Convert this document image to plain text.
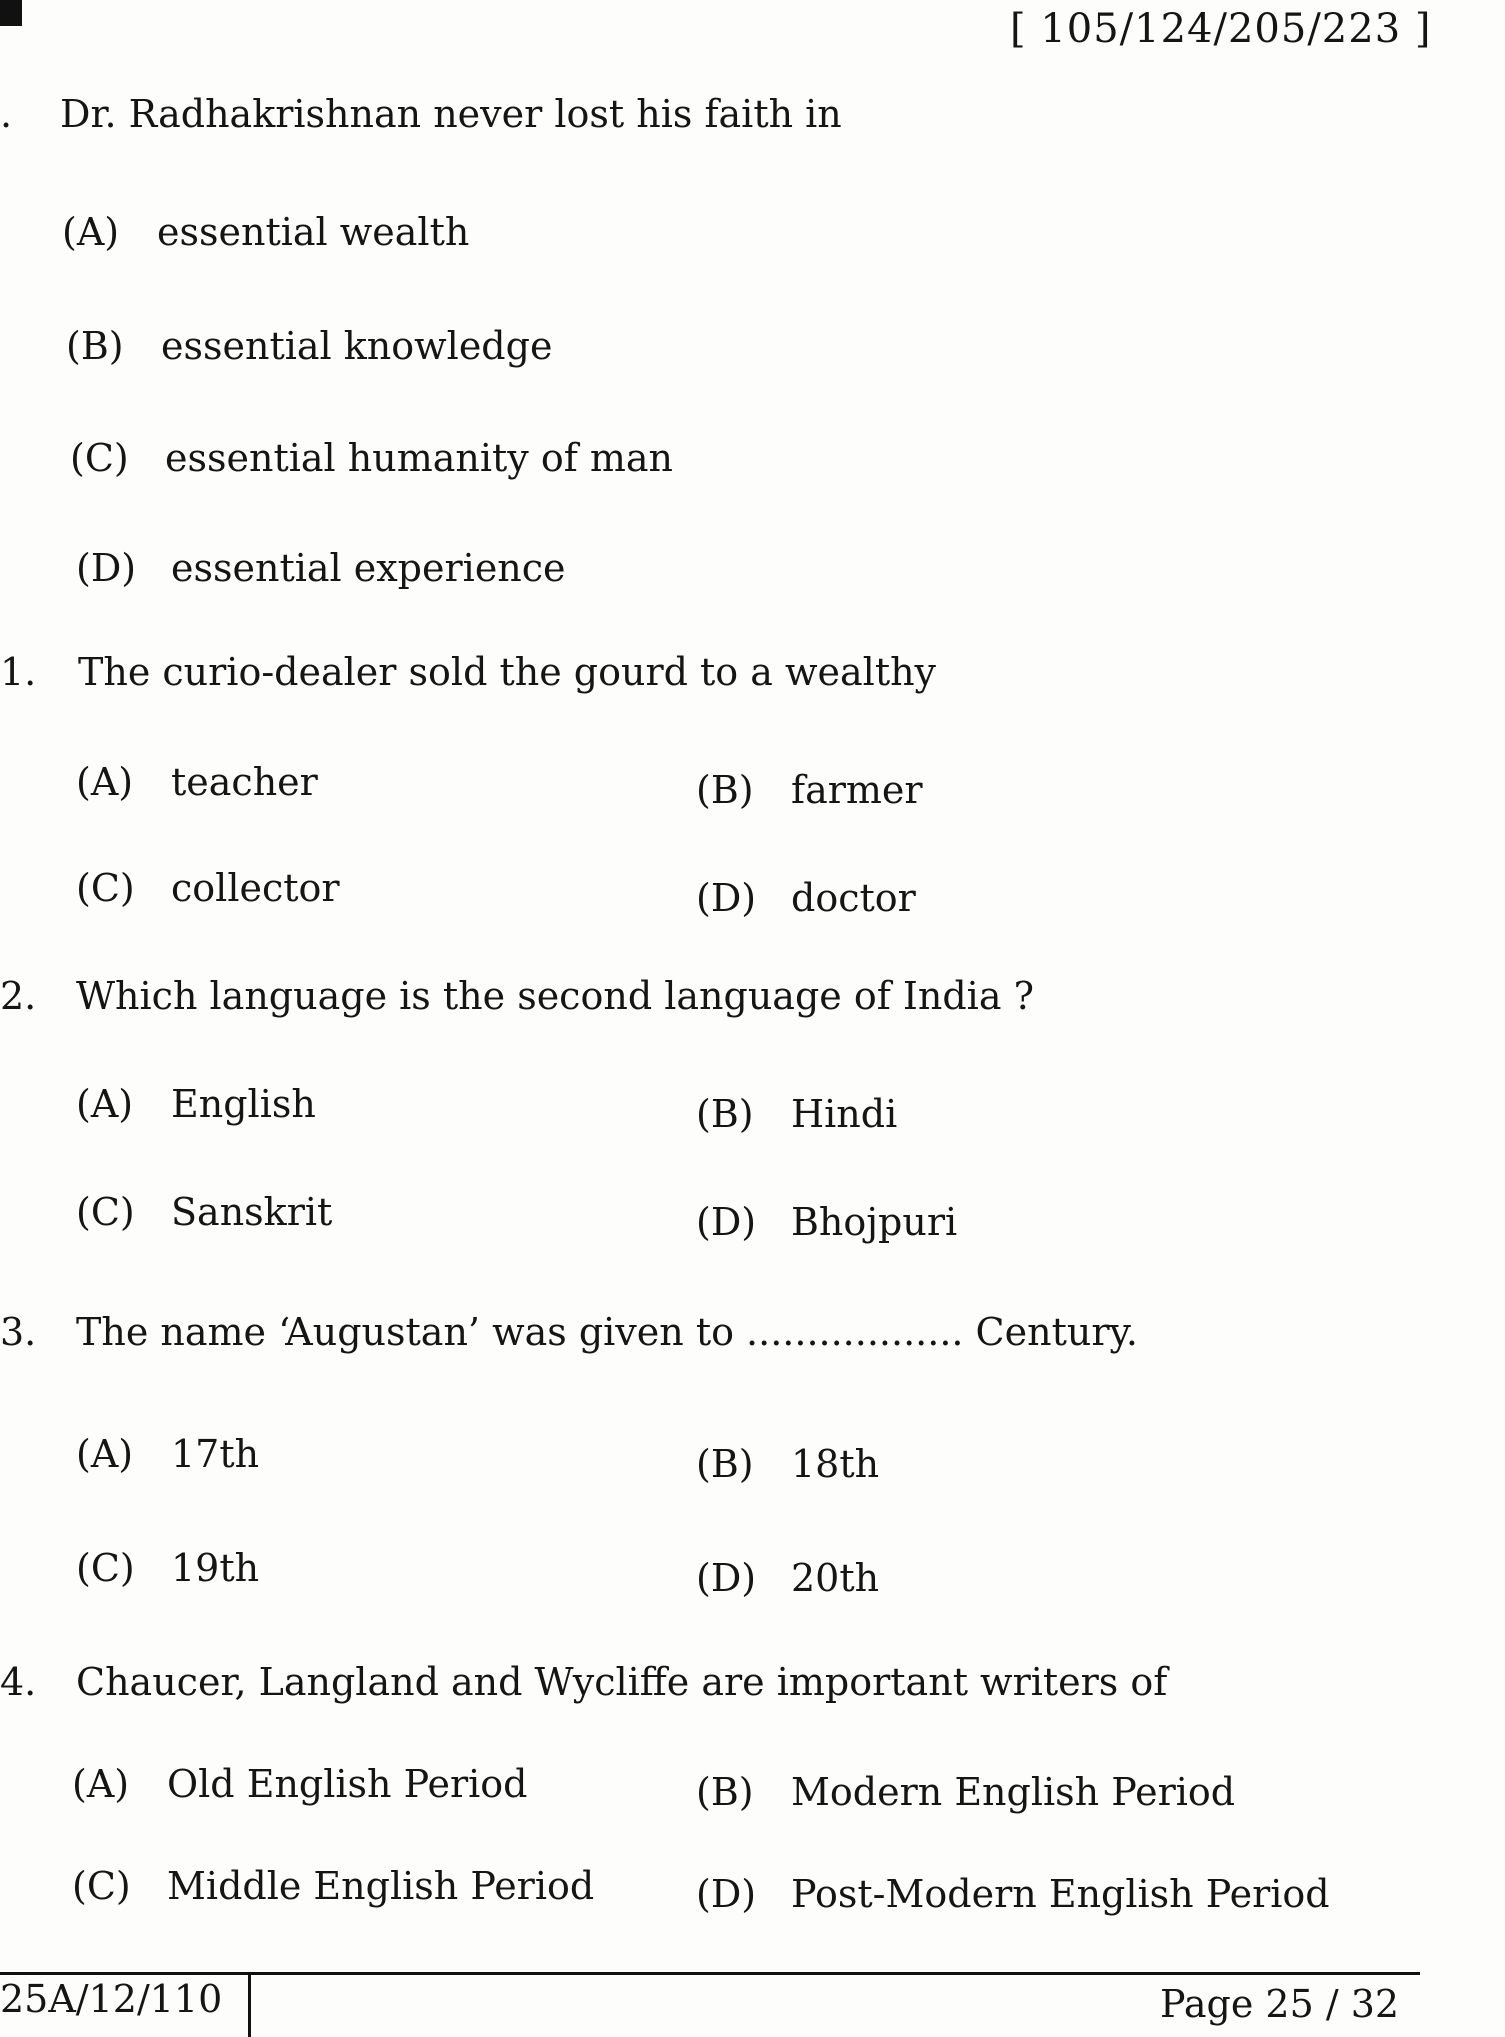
[ 105/124/205/223 ]
. Dr. Radhakrishnan never lost his faith in
(A) essential wealth
(B) essential knowledge
(C) essential humanity of man
(D) essential experience
1. The curio-dealer sold the gourd to a wealthy
(A) teacher	(B) farmer
(C) collector	(D) doctor
2. Which language is the second language of India ?
(A) English	(B) Hindi
(C) Sanskrit	(D) Bhojpuri
3. The name ‘Augustan’ was given to .................. Century.
(A) 17th	(B) 18th
(C) 19th	(D) 20th
4. Chaucer, Langland and Wycliffe are important writers of
(A) Old English Period	(B) Modern English Period
(C) Middle English Period	(D) Post-Modern English Period
25A/12/110	Page 25 / 32
